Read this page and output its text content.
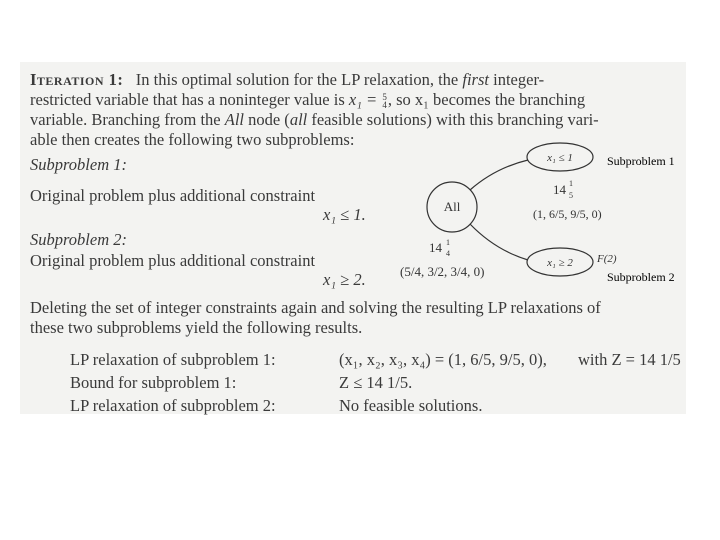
Iteration 1: In this optimal solution for the LP relaxation, the first integer-
restricted variable that has a noninteger value is x₁ = 5
4 , so x₁ becomes the branching
variable. Branching from the All node (all feasible solutions) with this branching vari-
able then creates the following two subproblems:
Subproblem 1:
Original problem plus additional constraint
x₁ ≤ 1.
Subproblem 2:
Original problem plus additional constraint
x₁ ≥ 2.
All
x₁ ≤ 1
x₁ ≥ 2
14 1
4
(5/4, 3/2, 3/4, 0)
14 1
5
(1, 6/5, 9/5, 0)
F(2)
Subproblem 1
Subproblem 2
Deleting the set of integer constraints again and solving the resulting LP relaxations of
these two subproblems yield the following results.
LP relaxation of subproblem 1:	(x₁, x₂, x₃, x₄) = (1, 6/5, 9/5, 0), with Z = 14 1/5
Bound for subproblem 1:	Z ≤ 14 1/5.
LP relaxation of subproblem 2:	No feasible solutions.
